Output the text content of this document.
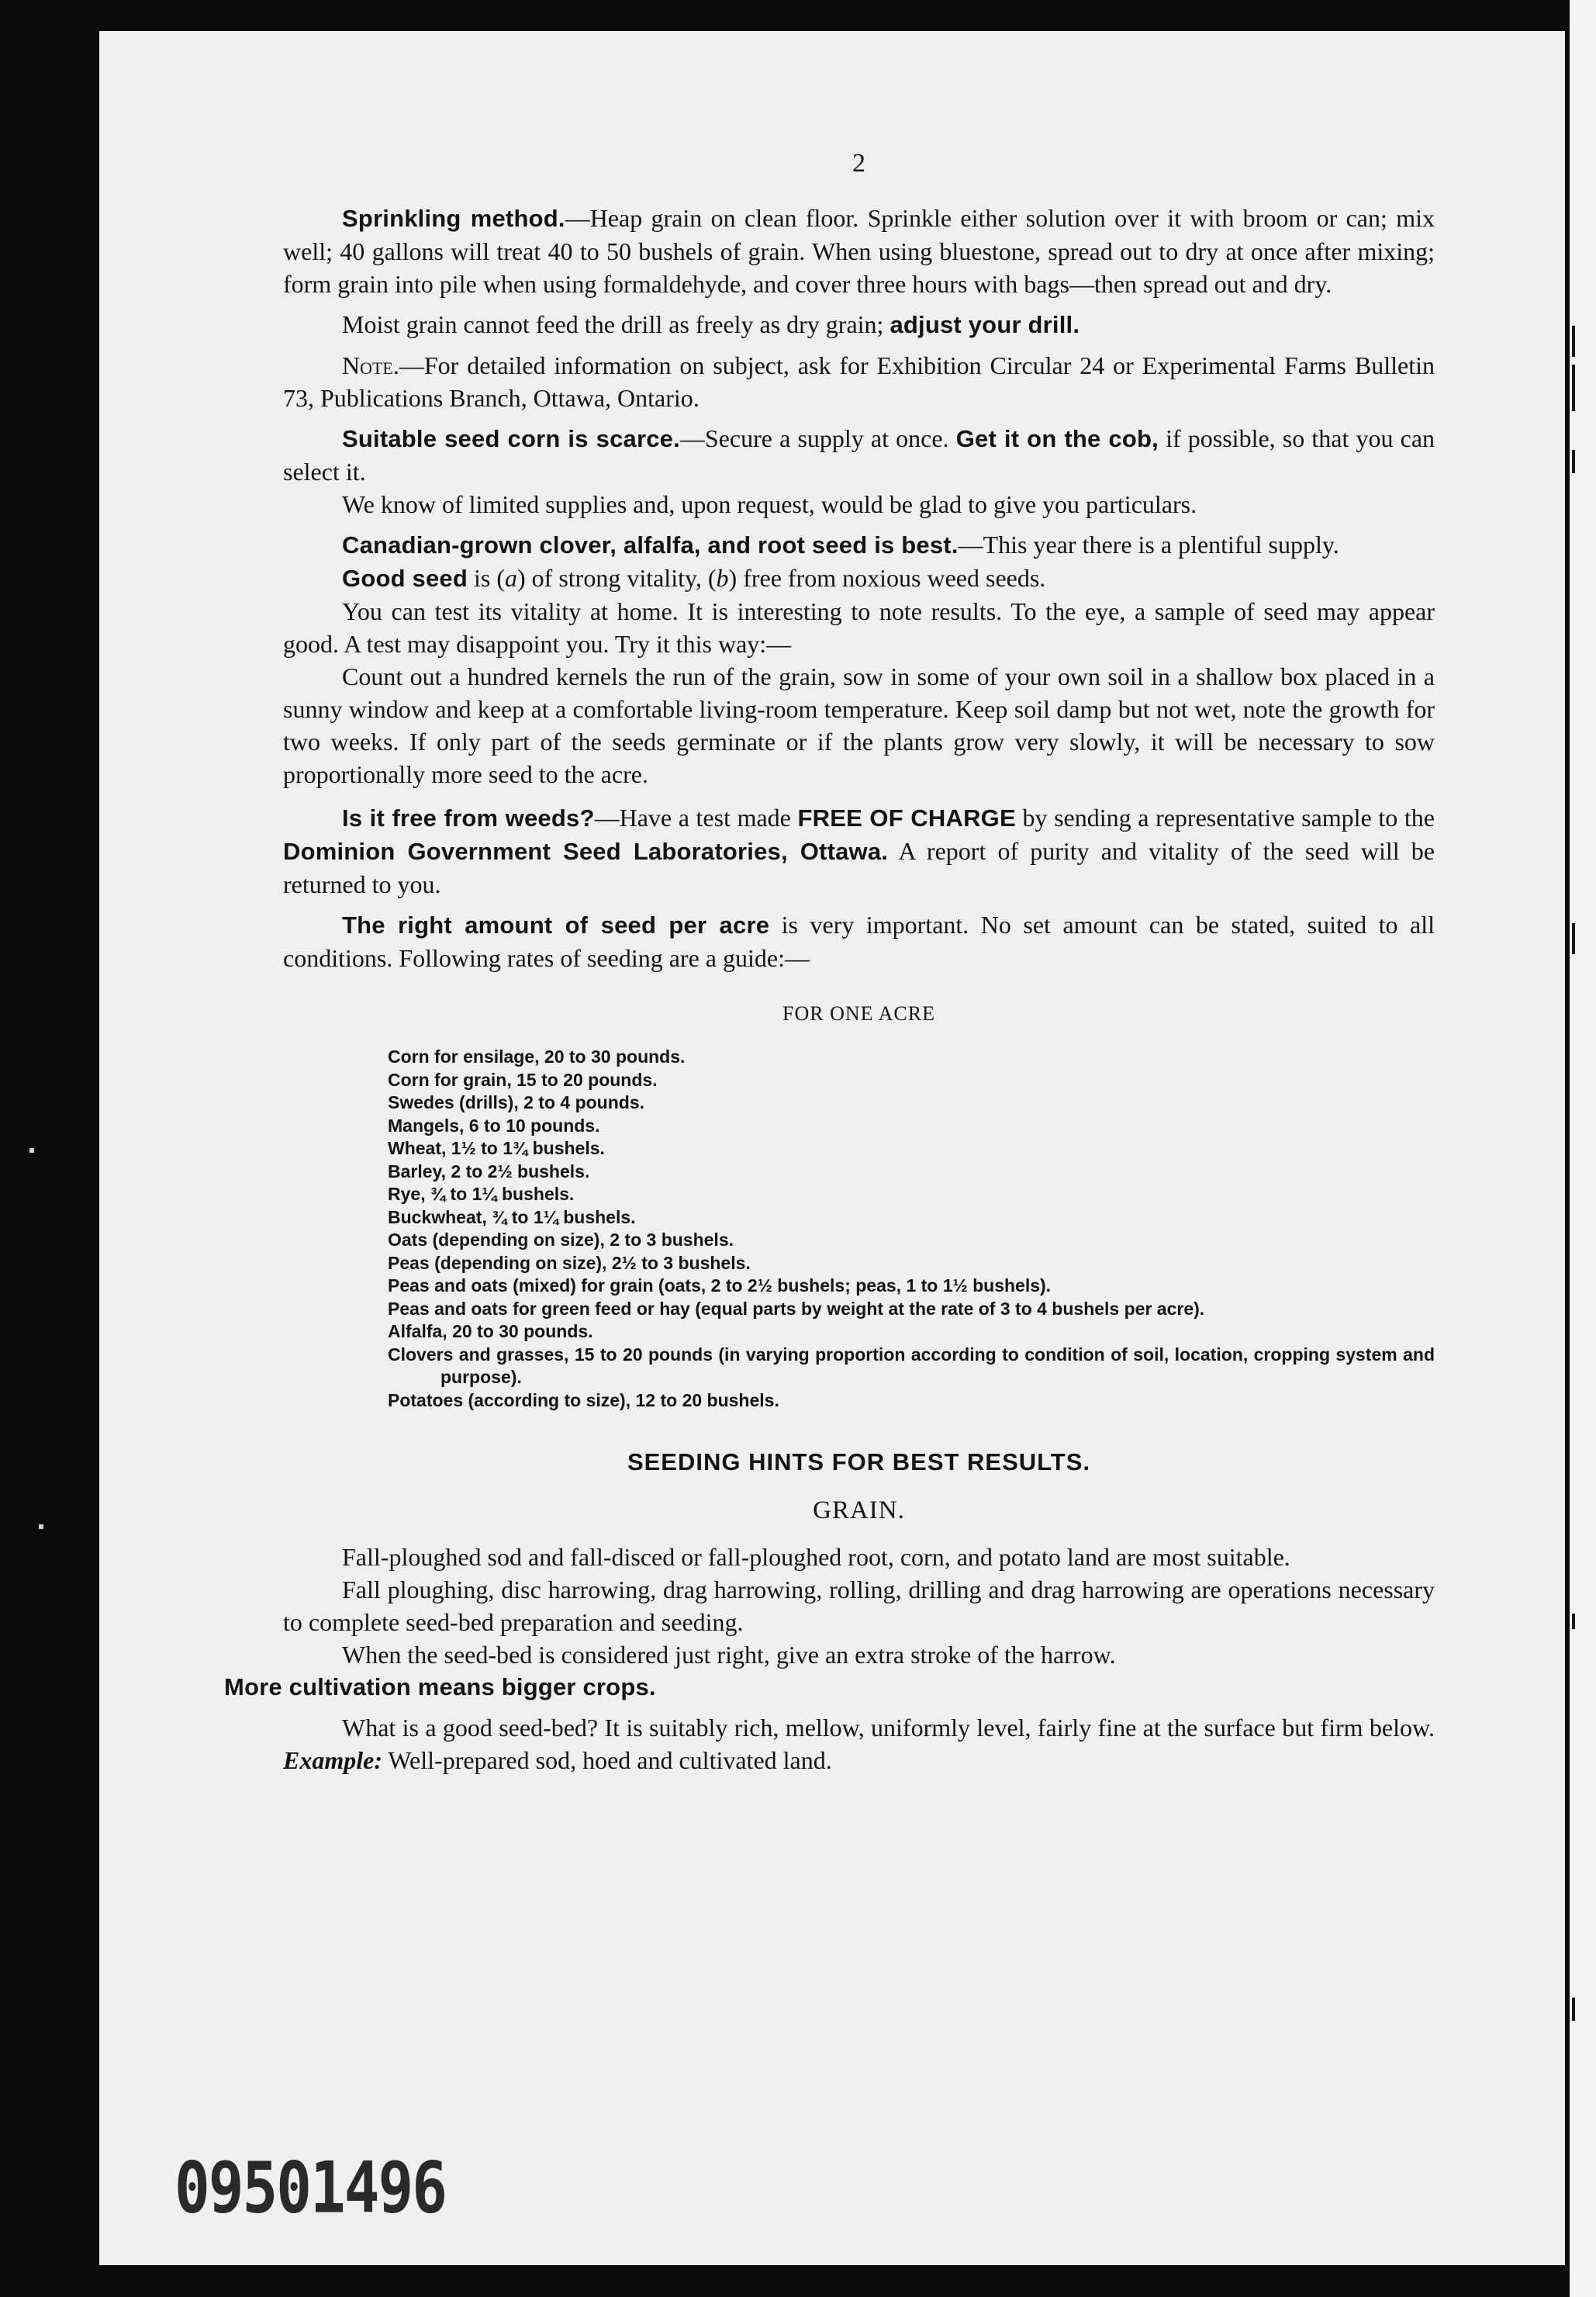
2

Sprinkling method.—Heap grain on clean floor. Sprinkle either solution over it with broom or can; mix well; 40 gallons will treat 40 to 50 bushels of grain. When using bluestone, spread out to dry at once after mixing; form grain into pile when using formaldehyde, and cover three hours with bags—then spread out and dry.

Moist grain cannot feed the drill as freely as dry grain; adjust your drill.

Note.—For detailed information on subject, ask for Exhibition Circular 24 or Experimental Farms Bulletin 73, Publications Branch, Ottawa, Ontario.

Suitable seed corn is scarce.—Secure a supply at once. Get it on the cob, if possible, so that you can select it.

We know of limited supplies and, upon request, would be glad to give you particulars.

Canadian-grown clover, alfalfa, and root seed is best.—This year there is a plentiful supply.

Good seed is (a) of strong vitality, (b) free from noxious weed seeds.

You can test its vitality at home. It is interesting to note results. To the eye, a sample of seed may appear good. A test may disappoint you. Try it this way:—

Count out a hundred kernels the run of the grain, sow in some of your own soil in a shallow box placed in a sunny window and keep at a comfortable living-room temperature. Keep soil damp but not wet, note the growth for two weeks. If only part of the seeds germinate or if the plants grow very slowly, it will be necessary to sow proportionally more seed to the acre.

Is it free from weeds?—Have a test made FREE OF CHARGE by sending a representative sample to the Dominion Government Seed Laboratories, Ottawa. A report of purity and vitality of the seed will be returned to you.

The right amount of seed per acre is very important. No set amount can be stated, suited to all conditions. Following rates of seeding are a guide:—

FOR ONE ACRE
Corn for ensilage, 20 to 30 pounds.
Corn for grain, 15 to 20 pounds.
Swedes (drills), 2 to 4 pounds.
Mangels, 6 to 10 pounds.
Wheat, 1½ to 1¾ bushels.
Barley, 2 to 2½ bushels.
Rye, ¾ to 1¼ bushels.
Buckwheat, ¾ to 1¼ bushels.
Oats (depending on size), 2 to 3 bushels.
Peas (depending on size), 2½ to 3 bushels.
Peas and oats (mixed) for grain (oats, 2 to 2½ bushels; peas, 1 to 1½ bushels).
Peas and oats for green feed or hay (equal parts by weight at the rate of 3 to 4 bushels per acre).
Alfalfa, 20 to 30 pounds.
Clovers and grasses, 15 to 20 pounds (in varying proportion according to condition of soil, location, cropping system and purpose).
Potatoes (according to size), 12 to 20 bushels.
SEEDING HINTS FOR BEST RESULTS.
GRAIN.

Fall-ploughed sod and fall-disced or fall-ploughed root, corn, and potato land are most suitable.

Fall ploughing, disc harrowing, drag harrowing, rolling, drilling and drag harrowing are operations necessary to complete seed-bed preparation and seeding.

When the seed-bed is considered just right, give an extra stroke of the harrow.
More cultivation means bigger crops.

What is a good seed-bed? It is suitably rich, mellow, uniformly level, fairly fine at the surface but firm below. Example: Well-prepared sod, hoed and cultivated land.

09501496
